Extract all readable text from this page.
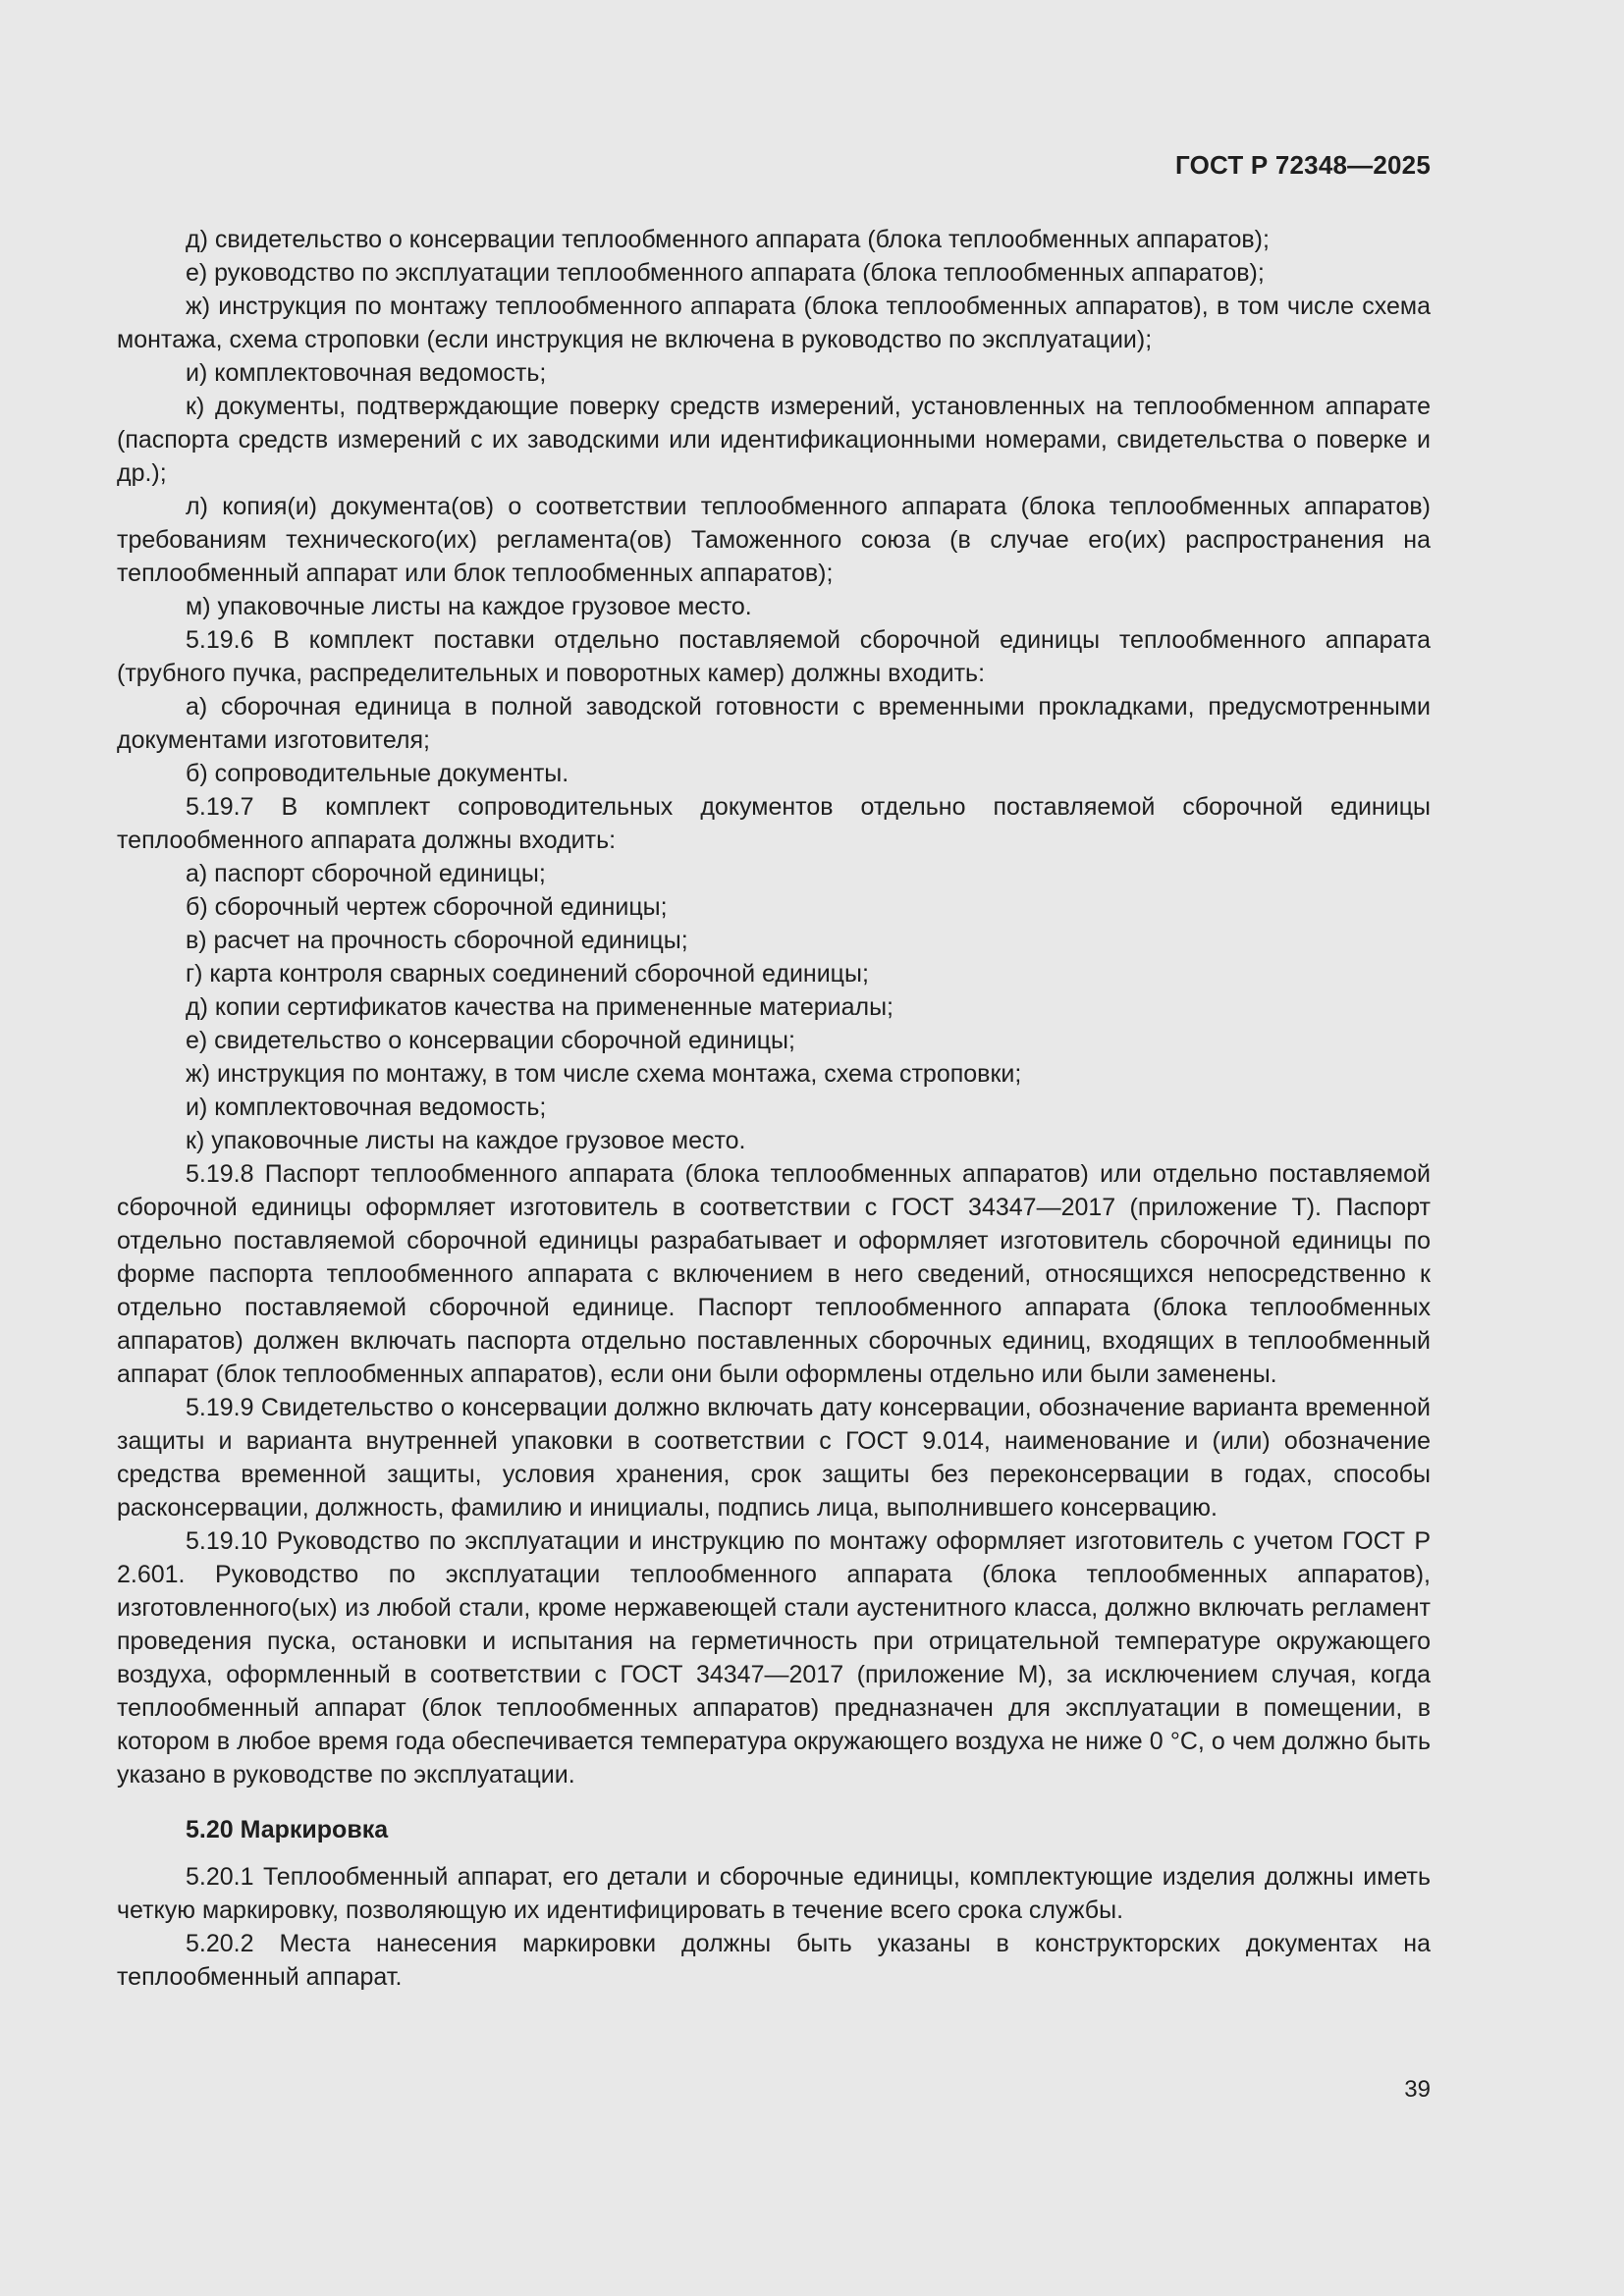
ГОСТ Р 72348—2025

д) свидетельство о консервации теплообменного аппарата (блока теплообменных аппаратов);

е) руководство по эксплуатации теплообменного аппарата (блока теплообменных аппаратов);

ж) инструкция по монтажу теплообменного аппарата (блока теплообменных аппаратов), в том числе схема монтажа, схема строповки (если инструкция не включена в руководство по эксплуатации);

и) комплектовочная ведомость;

к) документы, подтверждающие поверку средств измерений, установленных на теплообменном аппарате (паспорта средств измерений с их заводскими или идентификационными номерами, свидетельства о поверке и др.);

л) копия(и) документа(ов) о соответствии теплообменного аппарата (блока теплообменных аппаратов) требованиям технического(их) регламента(ов) Таможенного союза (в случае его(их) распространения на теплообменный аппарат или блок теплообменных аппаратов);

м) упаковочные листы на каждое грузовое место.

5.19.6 В комплект поставки отдельно поставляемой сборочной единицы теплообменного аппарата (трубного пучка, распределительных и поворотных камер) должны входить:

а) сборочная единица в полной заводской готовности с временными прокладками, предусмотренными документами изготовителя;

б) сопроводительные документы.

5.19.7 В комплект сопроводительных документов отдельно поставляемой сборочной единицы теплообменного аппарата должны входить:

а) паспорт сборочной единицы;

б) сборочный чертеж сборочной единицы;

в) расчет на прочность сборочной единицы;

г) карта контроля сварных соединений сборочной единицы;

д) копии сертификатов качества на примененные материалы;

е) свидетельство о консервации сборочной единицы;

ж) инструкция по монтажу, в том числе схема монтажа, схема строповки;

и) комплектовочная ведомость;

к) упаковочные листы на каждое грузовое место.

5.19.8 Паспорт теплообменного аппарата (блока теплообменных аппаратов) или отдельно поставляемой сборочной единицы оформляет изготовитель в соответствии с ГОСТ 34347—2017 (приложение Т). Паспорт отдельно поставляемой сборочной единицы разрабатывает и оформляет изготовитель сборочной единицы по форме паспорта теплообменного аппарата с включением в него сведений, относящихся непосредственно к отдельно поставляемой сборочной единице. Паспорт теплообменного аппарата (блока теплообменных аппаратов) должен включать паспорта отдельно поставленных сборочных единиц, входящих в теплообменный аппарат (блок теплообменных аппаратов), если они были оформлены отдельно или были заменены.

5.19.9 Свидетельство о консервации должно включать дату консервации, обозначение варианта временной защиты и варианта внутренней упаковки в соответствии с ГОСТ 9.014, наименование и (или) обозначение средства временной защиты, условия хранения, срок защиты без переконсервации в годах, способы расконсервации, должность, фамилию и инициалы, подпись лица, выполнившего консервацию.

5.19.10 Руководство по эксплуатации и инструкцию по монтажу оформляет изготовитель с учетом ГОСТ Р 2.601. Руководство по эксплуатации теплообменного аппарата (блока теплообменных аппаратов), изготовленного(ых) из любой стали, кроме нержавеющей стали аустенитного класса, должно включать регламент проведения пуска, остановки и испытания на герметичность при отрицательной температуре окружающего воздуха, оформленный в соответствии с ГОСТ 34347—2017 (приложение М), за исключением случая, когда теплообменный аппарат (блок теплообменных аппаратов) предназначен для эксплуатации в помещении, в котором в любое время года обеспечивается температура окружающего воздуха не ниже 0 °С, о чем должно быть указано в руководстве по эксплуатации.

5.20 Маркировка

5.20.1 Теплообменный аппарат, его детали и сборочные единицы, комплектующие изделия должны иметь четкую маркировку, позволяющую их идентифицировать в течение всего срока службы.

5.20.2 Места нанесения маркировки должны быть указаны в конструкторских документах на теплообменный аппарат.

39
